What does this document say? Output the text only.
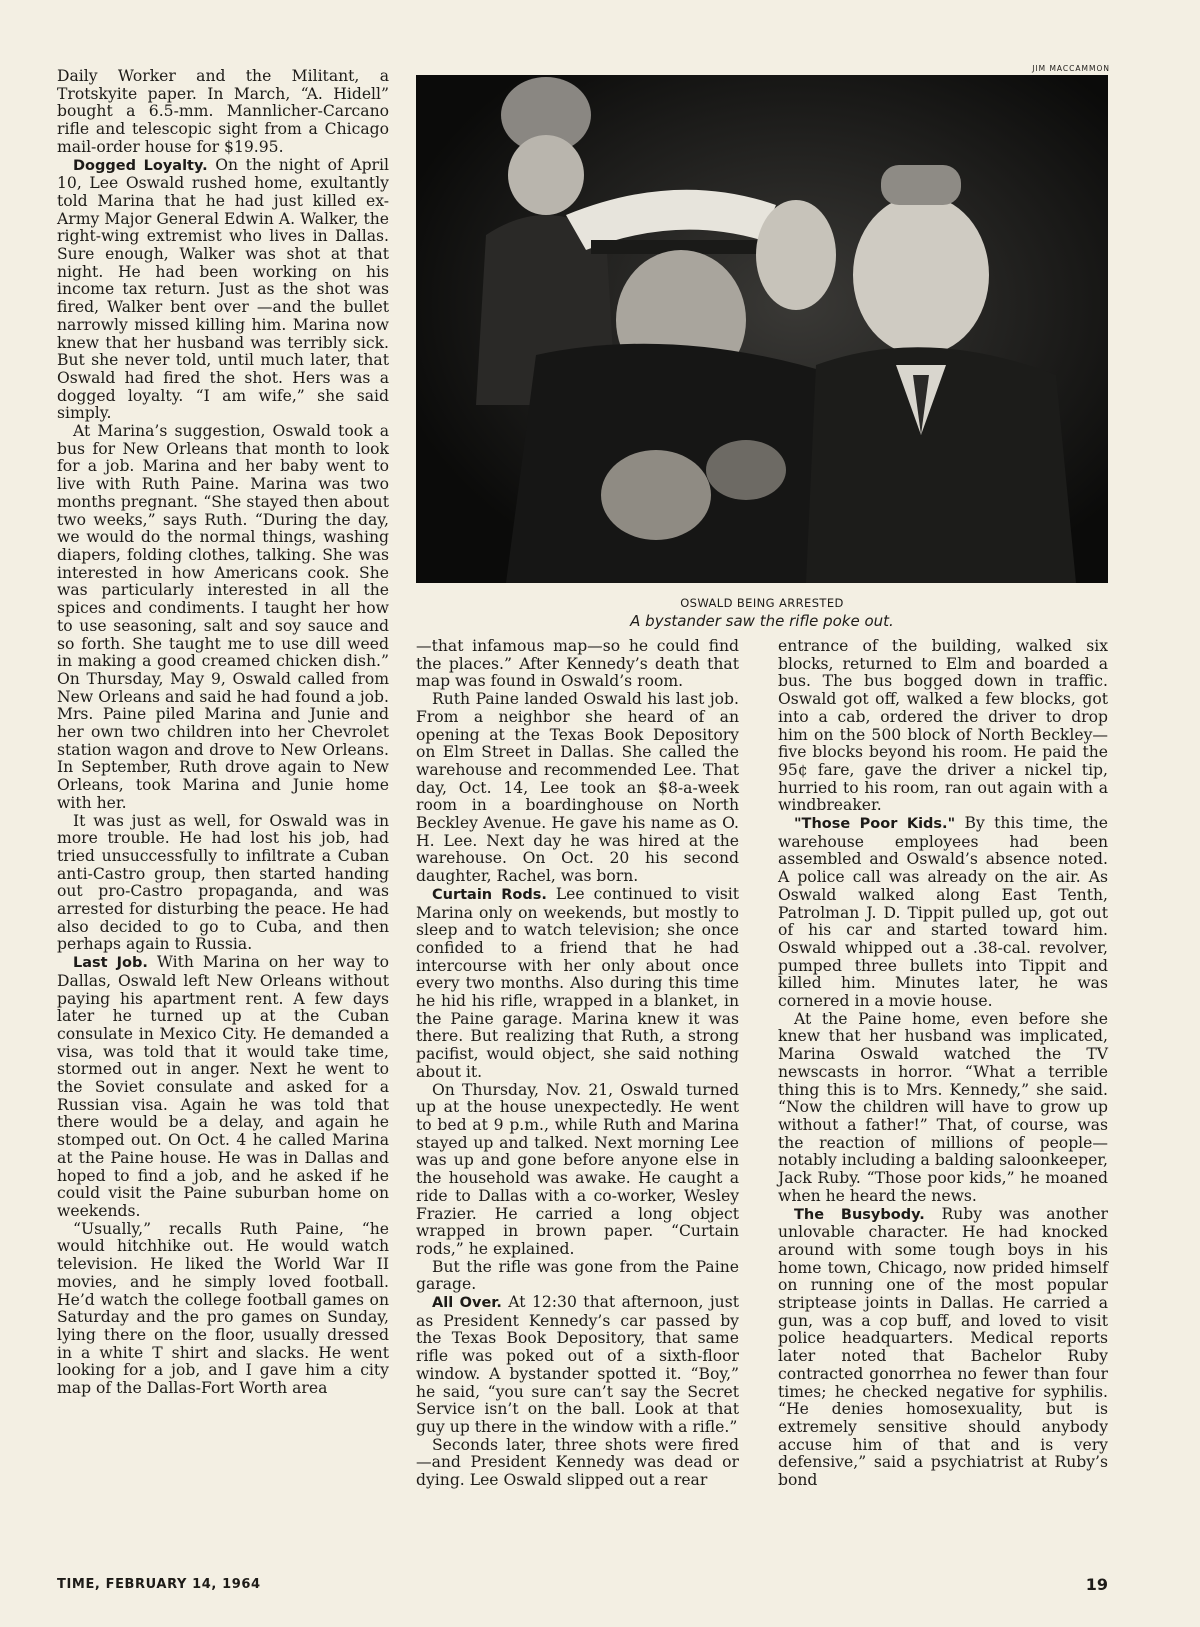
Daily Worker and the Militant, a Trotskyite paper. In March, “A. Hidell” bought a 6.5-mm. Mannlicher-Carcano rifle and telescopic sight from a Chicago mail-order house for $19.95.

Dogged Loyalty. On the night of April 10, Lee Oswald rushed home, exultantly told Marina that he had just killed ex-Army Major General Edwin A. Walker, the right-wing extremist who lives in Dallas. Sure enough, Walker was shot at that night. He had been working on his income tax return. Just as the shot was fired, Walker bent over —and the bullet narrowly missed killing him. Marina now knew that her husband was terribly sick. But she never told, until much later, that Oswald had fired the shot. Hers was a dogged loyalty. “I am wife,” she said simply.

At Marina’s suggestion, Oswald took a bus for New Orleans that month to look for a job. Marina and her baby went to live with Ruth Paine. Marina was two months pregnant. “She stayed then about two weeks,” says Ruth. “During the day, we would do the normal things, washing diapers, folding clothes, talking. She was interested in how Americans cook. She was particularly interested in all the spices and condiments. I taught her how to use seasoning, salt and soy sauce and so forth. She taught me to use dill weed in making a good creamed chicken dish.” On Thursday, May 9, Oswald called from New Orleans and said he had found a job. Mrs. Paine piled Marina and Junie and her own two children into her Chevrolet station wagon and drove to New Orleans. In September, Ruth drove again to New Orleans, took Marina and Junie home with her.

It was just as well, for Oswald was in more trouble. He had lost his job, had tried unsuccessfully to infiltrate a Cuban anti-Castro group, then started handing out pro-Castro propaganda, and was arrested for disturbing the peace. He had also decided to go to Cuba, and then perhaps again to Russia.

Last Job. With Marina on her way to Dallas, Oswald left New Orleans without paying his apartment rent. A few days later he turned up at the Cuban consulate in Mexico City. He demanded a visa, was told that it would take time, stormed out in anger. Next he went to the Soviet consulate and asked for a Russian visa. Again he was told that there would be a delay, and again he stomped out. On Oct. 4 he called Marina at the Paine house. He was in Dallas and hoped to find a job, and he asked if he could visit the Paine suburban home on weekends.

“Usually,” recalls Ruth Paine, “he would hitchhike out. He would watch television. He liked the World War II movies, and he simply loved football. He’d watch the college football games on Saturday and the pro games on Sunday, lying there on the floor, usually dressed in a white T shirt and slacks. He went looking for a job, and I gave him a city map of the Dallas-Fort Worth area

JIM MACCAMMON
OSWALD BEING ARRESTED
A bystander saw the rifle poke out.

—that infamous map—so he could find the places.” After Kennedy’s death that map was found in Oswald’s room.

Ruth Paine landed Oswald his last job. From a neighbor she heard of an opening at the Texas Book Depository on Elm Street in Dallas. She called the warehouse and recommended Lee. That day, Oct. 14, Lee took an $8-a-week room in a boardinghouse on North Beckley Avenue. He gave his name as O. H. Lee. Next day he was hired at the warehouse. On Oct. 20 his second daughter, Rachel, was born.

Curtain Rods. Lee continued to visit Marina only on weekends, but mostly to sleep and to watch television; she once confided to a friend that he had intercourse with her only about once every two months. Also during this time he hid his rifle, wrapped in a blanket, in the Paine garage. Marina knew it was there. But realizing that Ruth, a strong pacifist, would object, she said nothing about it.

On Thursday, Nov. 21, Oswald turned up at the house unexpectedly. He went to bed at 9 p.m., while Ruth and Marina stayed up and talked. Next morning Lee was up and gone before anyone else in the household was awake. He caught a ride to Dallas with a co-worker, Wesley Frazier. He carried a long object wrapped in brown paper. “Curtain rods,” he explained.

But the rifle was gone from the Paine garage.

All Over. At 12:30 that afternoon, just as President Kennedy’s car passed by the Texas Book Depository, that same rifle was poked out of a sixth-floor window. A bystander spotted it. “Boy,” he said, “you sure can’t say the Secret Service isn’t on the ball. Look at that guy up there in the window with a rifle.”

Seconds later, three shots were fired —and President Kennedy was dead or dying. Lee Oswald slipped out a rear

entrance of the building, walked six blocks, returned to Elm and boarded a bus. The bus bogged down in traffic. Oswald got off, walked a few blocks, got into a cab, ordered the driver to drop him on the 500 block of North Beckley—five blocks beyond his room. He paid the 95¢ fare, gave the driver a nickel tip, hurried to his room, ran out again with a windbreaker.

"Those Poor Kids." By this time, the warehouse employees had been assembled and Oswald’s absence noted. A police call was already on the air. As Oswald walked along East Tenth, Patrolman J. D. Tippit pulled up, got out of his car and started toward him. Oswald whipped out a .38-cal. revolver, pumped three bullets into Tippit and killed him. Minutes later, he was cornered in a movie house.

At the Paine home, even before she knew that her husband was implicated, Marina Oswald watched the TV newscasts in horror. “What a terrible thing this is to Mrs. Kennedy,” she said. “Now the children will have to grow up without a father!” That, of course, was the reaction of millions of people—notably including a balding saloonkeeper, Jack Ruby. “Those poor kids,” he moaned when he heard the news.

The Busybody. Ruby was another unlovable character. He had knocked around with some tough boys in his home town, Chicago, now prided himself on running one of the most popular striptease joints in Dallas. He carried a gun, was a cop buff, and loved to visit police headquarters. Medical reports later noted that Bachelor Ruby contracted gonorrhea no fewer than four times; he checked negative for syphilis. “He denies homosexuality, but is extremely sensitive should anybody accuse him of that and is very defensive,” said a psychiatrist at Ruby’s bond

TIME, FEBRUARY 14, 1964	19
